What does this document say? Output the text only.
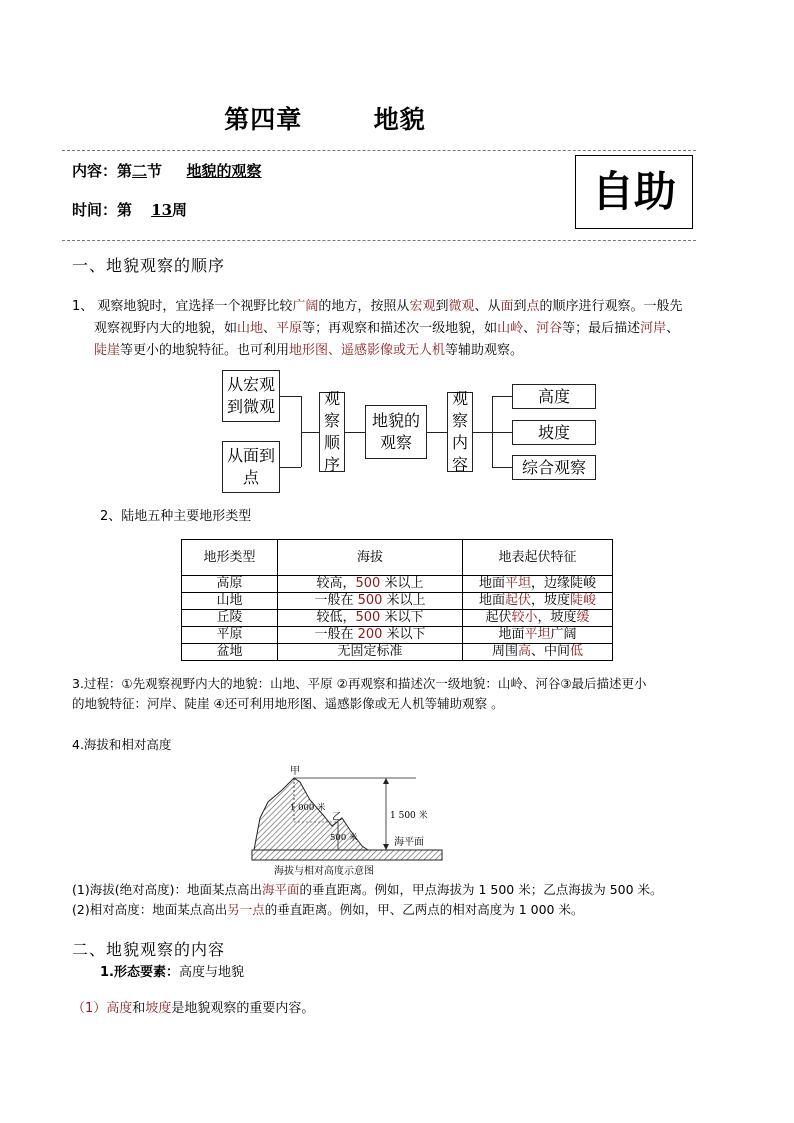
第四章	地貌
内容：第二节 地貌的观察
时间：第 13周	自助
一、地貌观察的顺序
1、 观察地貌时，宜选择一个视野比较广阔的地方，按照从宏观到微观、从面到点的顺序进行观察。一般先
观察视野内大的地貌，如山地、平原等；再观察和描述次一级地貌，如山岭、河谷等；最后描述河岸、
陡崖等更小的地貌特征。也可利用地形图、遥感影像或无人机等辅助观察。
从宏观到微观
从面到点
观察顺序
地貌的观察
观察内容
高度
坡度
综合观察
2、陆地五种主要地形类型
地形类型	海拔	地表起伏特征
高原	较高，500 米以上	地面平坦，边缘陡峻
山地	一般在 500 米以上	地面起伏，坡度陡峻
丘陵	较低，500 米以下	起伏较小，坡度缓
平原	一般在 200 米以下	地面平坦广阔
盆地	无固定标准	周围高、中间低
3.过程：①先观察视野内大的地貌：山地、平原 ②再观察和描述次一级地貌：山岭、河谷③最后描述更小
的地貌特征：河岸、陡崖 ④还可利用地形图、遥感影像或无人机等辅助观察 。
4.海拔和相对高度
甲
乙
1 000 米
500 米
1 500 米
海平面
海拔与相对高度示意图
(1)海拔(绝对高度)：地面某点高出海平面的垂直距离。例如，甲点海拔为 1 500 米；乙点海拔为 500 米。
(2)相对高度：地面某点高出另一点的垂直距离。例如，甲、乙两点的相对高度为 1 000 米。
二、地貌观察的内容
1.形态要素：高度与地貌
（1）高度和坡度是地貌观察的重要内容。
